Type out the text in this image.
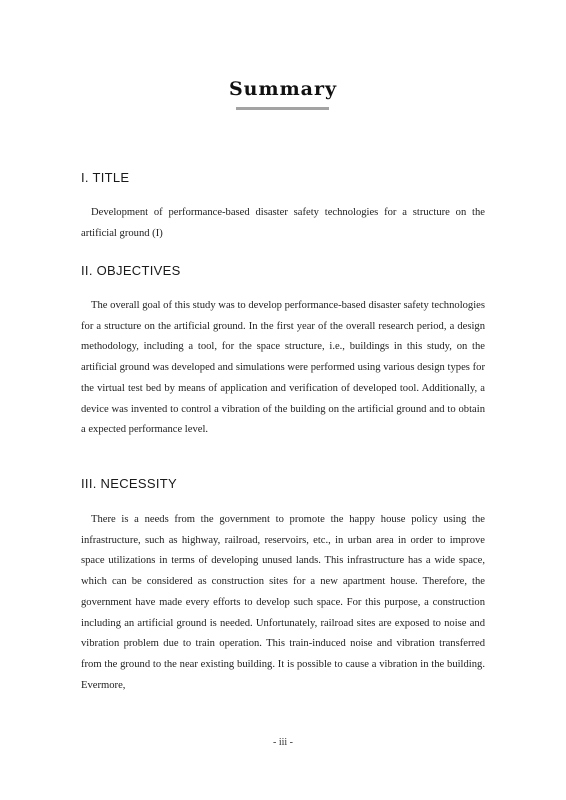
Summary
I. TITLE

Development of performance-based disaster safety technologies for a structure on the artificial ground (I)

II. OBJECTIVES

The overall goal of this study was to develop performance-based disaster safety technologies for a structure on the artificial ground. In the first year of the overall research period, a design methodology, including a tool, for the space structure, i.e., buildings in this study, on the artificial ground was developed and simulations were performed using various design types for the virtual test bed by means of application and verification of developed tool. Additionally, a device was invented to control a vibration of the building on the artificial ground and to obtain a expected performance level.

III. NECESSITY

There is a needs from the government to promote the happy house policy using the infrastructure, such as highway, railroad, reservoirs, etc., in urban area in order to improve space utilizations in terms of developing unused lands. This infrastructure has a wide space, which can be considered as construction sites for a new apartment house. Therefore, the government have made every efforts to develop such space. For this purpose, a construction including an artificial ground is needed. Unfortunately, railroad sites are exposed to noise and vibration problem due to train operation. This train-induced noise and vibration transferred from the ground to the near existing building. It is possible to cause a vibration in the building. Evermore,

- iii -
